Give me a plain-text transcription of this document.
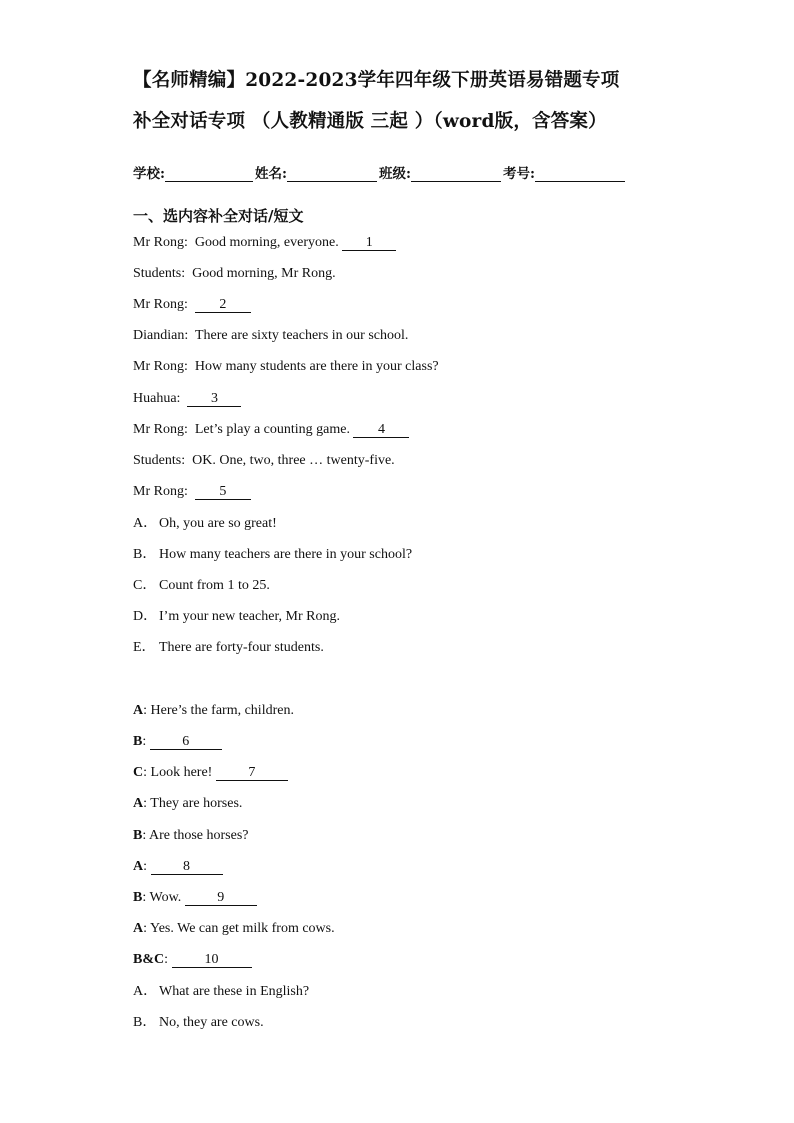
【名师精编】2022-2023学年四年级下册英语易错题专项
补全对话专项 （人教精通版 三起 ）（word版，含答案）
学校:	姓名:	班级:	考号:
一、选内容补全对话/短文
Mr Rong: Good morning, everyone. 1
Students: Good morning, Mr Rong.
Mr Rong: 2
Diandian: There are sixty teachers in our school.
Mr Rong: How many students are there in your class?
Huahua: 3
Mr Rong: Let’s play a counting game. 4
Students: OK. One, two, three … twenty-five.
Mr Rong: 5
A． Oh, you are so great!
B． How many teachers are there in your school?
C． Count from 1 to 25.
D． I’m your new teacher, Mr Rong.
E． There are forty-four students.
A: Here’s the farm, children.
B: 6
C: Look here! 7
A: They are horses.
B: Are those horses?
A: 8
B: Wow. 9
A: Yes. We can get milk from cows.
B&C: 10
A． What are these in English?
B． No, they are cows.
